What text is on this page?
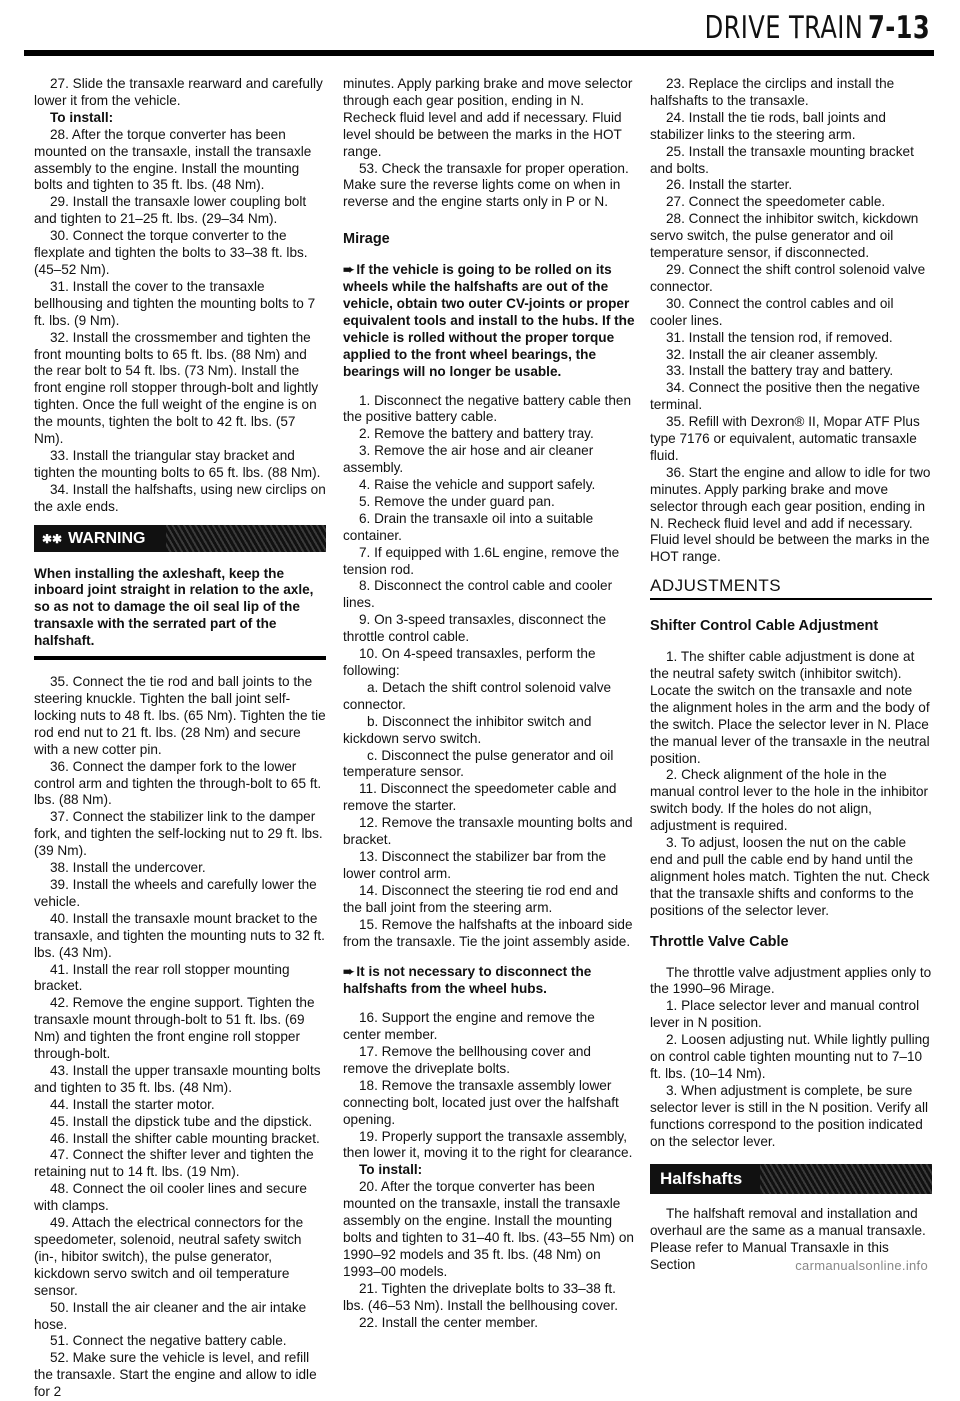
DRIVE TRAIN 7-13

27. Slide the transaxle rearward and carefully lower it from the vehicle.

To install:

28. After the torque converter has been mounted on the transaxle, install the transaxle assembly to the engine. Install the mounting bolts and tighten to 35 ft. lbs. (48 Nm).

29. Install the transaxle lower coupling bolt and tighten to 21–25 ft. lbs. (29–34 Nm).

30. Connect the torque converter to the flexplate and tighten the bolts to 33–38 ft. lbs. (45–52 Nm).

31. Install the cover to the transaxle bellhousing and tighten the mounting bolts to 7 ft. lbs. (9 Nm).

32. Install the crossmember and tighten the front mounting bolts to 65 ft. lbs. (88 Nm) and the rear bolt to 54 ft. lbs. (73 Nm). Install the front engine roll stopper through-bolt and lightly tighten. Once the full weight of the engine is on the mounts, tighten the bolt to 42 ft. lbs. (57 Nm).

33. Install the triangular stay bracket and tighten the mounting bolts to 65 ft. lbs. (88 Nm).

34. Install the halfshafts, using new circlips on the axle ends.

✱✱ WARNING

When installing the axleshaft, keep the inboard joint straight in relation to the axle, so as not to damage the oil seal lip of the transaxle with the serrated part of the halfshaft.

35. Connect the tie rod and ball joints to the steering knuckle. Tighten the ball joint self-locking nuts to 48 ft. lbs. (65 Nm). Tighten the tie rod end nut to 21 ft. lbs. (28 Nm) and secure with a new cotter pin.

36. Connect the damper fork to the lower control arm and tighten the through-bolt to 65 ft. lbs. (88 Nm).

37. Connect the stabilizer link to the damper fork, and tighten the self-locking nut to 29 ft. lbs. (39 Nm).

38. Install the undercover.

39. Install the wheels and carefully lower the vehicle.

40. Install the transaxle mount bracket to the transaxle, and tighten the mounting nuts to 32 ft. lbs. (43 Nm).

41. Install the rear roll stopper mounting bracket.

42. Remove the engine support. Tighten the transaxle mount through-bolt to 51 ft. lbs. (69 Nm) and tighten the front engine roll stopper through-bolt.

43. Install the upper transaxle mounting bolts and tighten to 35 ft. lbs. (48 Nm).

44. Install the starter motor.

45. Install the dipstick tube and the dipstick.

46. Install the shifter cable mounting bracket.

47. Connect the shifter lever and tighten the retaining nut to 14 ft. lbs. (19 Nm).

48. Connect the oil cooler lines and secure with clamps.

49. Attach the electrical connectors for the speedometer, solenoid, neutral safety switch (in-, hibitor switch), the pulse generator, kickdown servo switch and oil temperature sensor.

50. Install the air cleaner and the air intake hose.

51. Connect the negative battery cable.

52. Make sure the vehicle is level, and refill the transaxle. Start the engine and allow to idle for 2

minutes. Apply parking brake and move selector through each gear position, ending in N. Recheck fluid level and add if necessary. Fluid level should be between the marks in the HOT range.

53. Check the transaxle for proper operation. Make sure the reverse lights come on when in reverse and the engine starts only in P or N.

Mirage

➨ If the vehicle is going to be rolled on its wheels while the halfshafts are out of the vehicle, obtain two outer CV-joints or proper equivalent tools and install to the hubs. If the vehicle is rolled without the proper torque applied to the front wheel bearings, the bearings will no longer be usable.

1. Disconnect the negative battery cable then the positive battery cable.

2. Remove the battery and battery tray.

3. Remove the air hose and air cleaner assembly.

4. Raise the vehicle and support safely.

5. Remove the under guard pan.

6. Drain the transaxle oil into a suitable container.

7. If equipped with 1.6L engine, remove the tension rod.

8. Disconnect the control cable and cooler lines.

9. On 3-speed transaxles, disconnect the throttle control cable.

10. On 4-speed transaxles, perform the following:

a. Detach the shift control solenoid valve connector.

b. Disconnect the inhibitor switch and kickdown servo switch.

c. Disconnect the pulse generator and oil temperature sensor.

11. Disconnect the speedometer cable and remove the starter.

12. Remove the transaxle mounting bolts and bracket.

13. Disconnect the stabilizer bar from the lower control arm.

14. Disconnect the steering tie rod end and the ball joint from the steering arm.

15. Remove the halfshafts at the inboard side from the transaxle. Tie the joint assembly aside.

➨ It is not necessary to disconnect the halfshafts from the wheel hubs.

16. Support the engine and remove the center member.

17. Remove the bellhousing cover and remove the driveplate bolts.

18. Remove the transaxle assembly lower connecting bolt, located just over the halfshaft opening.

19. Properly support the transaxle assembly, then lower it, moving it to the right for clearance.

To install:

20. After the torque converter has been mounted on the transaxle, install the transaxle assembly on the engine. Install the mounting bolts and tighten to 31–40 ft. lbs. (43–55 Nm) on 1990–92 models and 35 ft. lbs. (48 Nm) on 1993–00 models.

21. Tighten the driveplate bolts to 33–38 ft. lbs. (46–53 Nm). Install the bellhousing cover.

22. Install the center member.

23. Replace the circlips and install the halfshafts to the transaxle.

24. Install the tie rods, ball joints and stabilizer links to the steering arm.

25. Install the transaxle mounting bracket and bolts.

26. Install the starter.

27. Connect the speedometer cable.

28. Connect the inhibitor switch, kickdown servo switch, the pulse generator and oil temperature sensor, if disconnected.

29. Connect the shift control solenoid valve connector.

30. Connect the control cables and oil cooler lines.

31. Install the tension rod, if removed.

32. Install the air cleaner assembly.

33. Install the battery tray and battery.

34. Connect the positive then the negative terminal.

35. Refill with Dexron® II, Mopar ATF Plus type 7176 or equivalent, automatic transaxle fluid.

36. Start the engine and allow to idle for two minutes. Apply parking brake and move selector through each gear position, ending in N. Recheck fluid level and add if necessary. Fluid level should be between the marks in the HOT range.

ADJUSTMENTS

Shifter Control Cable Adjustment

1. The shifter cable adjustment is done at the neutral safety switch (inhibitor switch). Locate the switch on the transaxle and note the alignment holes in the arm and the body of the switch. Place the selector lever in N. Place the manual lever of the transaxle in the neutral position.

2. Check alignment of the hole in the manual control lever to the hole in the inhibitor switch body. If the holes do not align, adjustment is required.

3. To adjust, loosen the nut on the cable end and pull the cable end by hand until the alignment holes match. Tighten the nut. Check that the transaxle shifts and conforms to the positions of the selector lever.

Throttle Valve Cable

The throttle valve adjustment applies only to the 1990–96 Mirage.

1. Place selector lever and manual control lever in N position.

2. Loosen adjusting nut. While lightly pulling on control cable tighten mounting nut to 7–10 ft. lbs. (10–14 Nm).

3. When adjustment is complete, be sure selector lever is still in the N position. Verify all functions correspond to the position indicated on the selector lever.

Halfshafts

The halfshaft removal and installation and overhaul are the same as a manual transaxle. Please refer to Manual Transaxle in this Section	carmanualsonline.info
